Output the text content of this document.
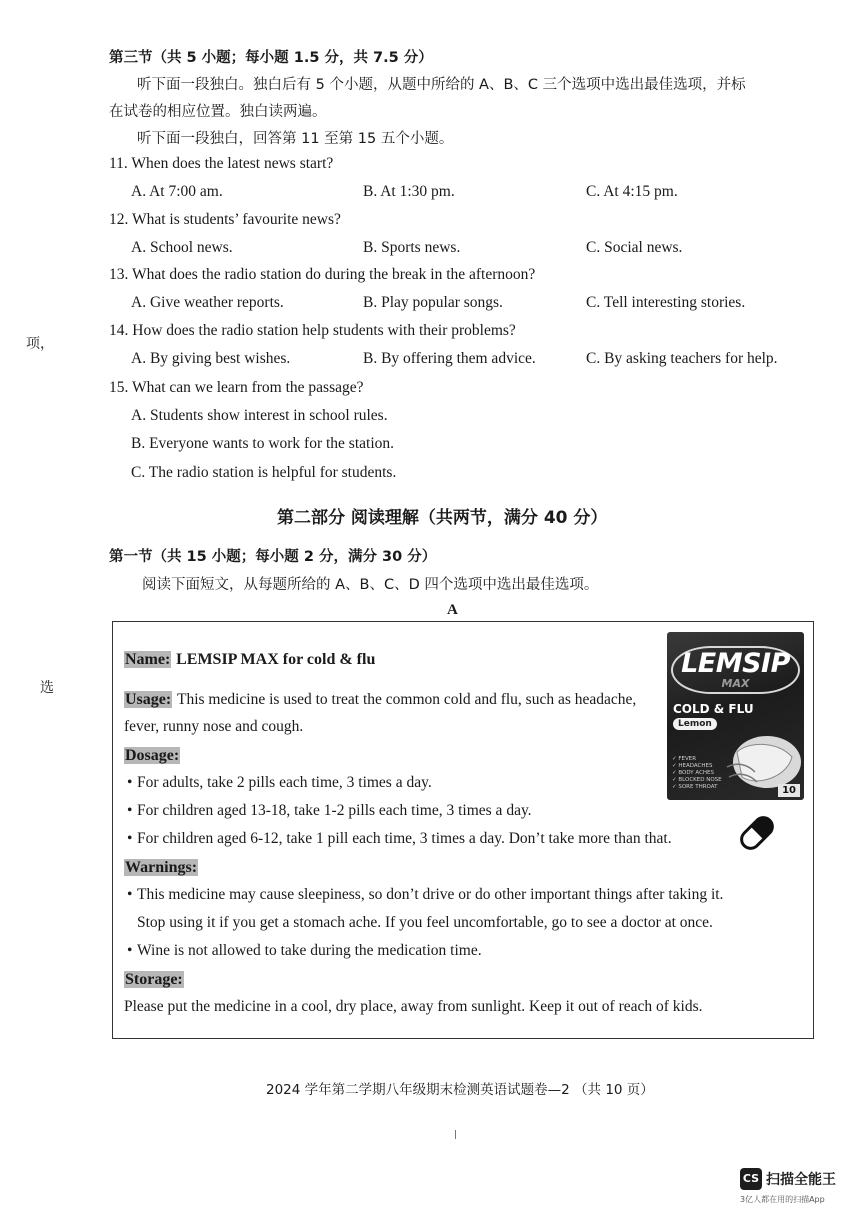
第三节（共 5 小题；每小题 1.5 分，共 7.5 分）
听下面一段独白。独白后有 5 个小题，从题中所给的 A、B、C 三个选项中选出最佳选项，并标
在试卷的相应位置。独白读两遍。
听下面一段独白，回答第 11 至第 15 五个小题。
11. When does the latest news start?
A. At 7:00 am.	B. At 1:30 pm.	C. At 4:15 pm.
12. What is students’ favourite news?
A. School news.	B. Sports news.	C. Social news.
13. What does the radio station do during the break in the afternoon?
A. Give weather reports.	B. Play popular songs.	C. Tell interesting stories.
14. How does the radio station help students with their problems?
A. By giving best wishes.	B. By offering them advice.	C. By asking teachers for help.
15. What can we learn from the passage?
A. Students show interest in school rules.
B. Everyone wants to work for the station.
C. The radio station is helpful for students.
‍项，
选
第二部分 阅读理解（共两节，满分 40 分）
第一节（共 15 小题；每小题 2 分，满分 30 分）
阅读下面短文，从每题所给的 A、B、C、D 四个选项中选出最佳选项。
A
Name: LEMSIP MAX for cold & flu
Usage: This medicine is used to treat the common cold and flu, such as headache,
fever, runny nose and cough.
Dosage:
• For adults, take 2 pills each time, 3 times a day.
• For children aged 13-18, take 1-2 pills each time, 3 times a day.
• For children aged 6-12, take 1 pill each time, 3 times a day. Don’t take more than that.
Warnings:
• This medicine may cause sleepiness, so don’t drive or do other important things after taking it.
Stop using it if you get a stomach ache. If you feel uncomfortable, go to see a doctor at once.
• Wine is not allowed to take during the medication time.
Storage:
Please put the medicine in a cool, dry place, away from sunlight. Keep it out of reach of kids.
LEMSIP
MAX
COLD & FLU
Lemon
✓ FEVER
✓ HEADACHES
✓ BODY ACHES
✓ BLOCKED NOSE
✓ SORE THROAT	10
2024 学年第二学期八年级期末检测英语试题卷—2 （共 10 页）
CS 扫描全能王
3亿人都在用的扫描App
